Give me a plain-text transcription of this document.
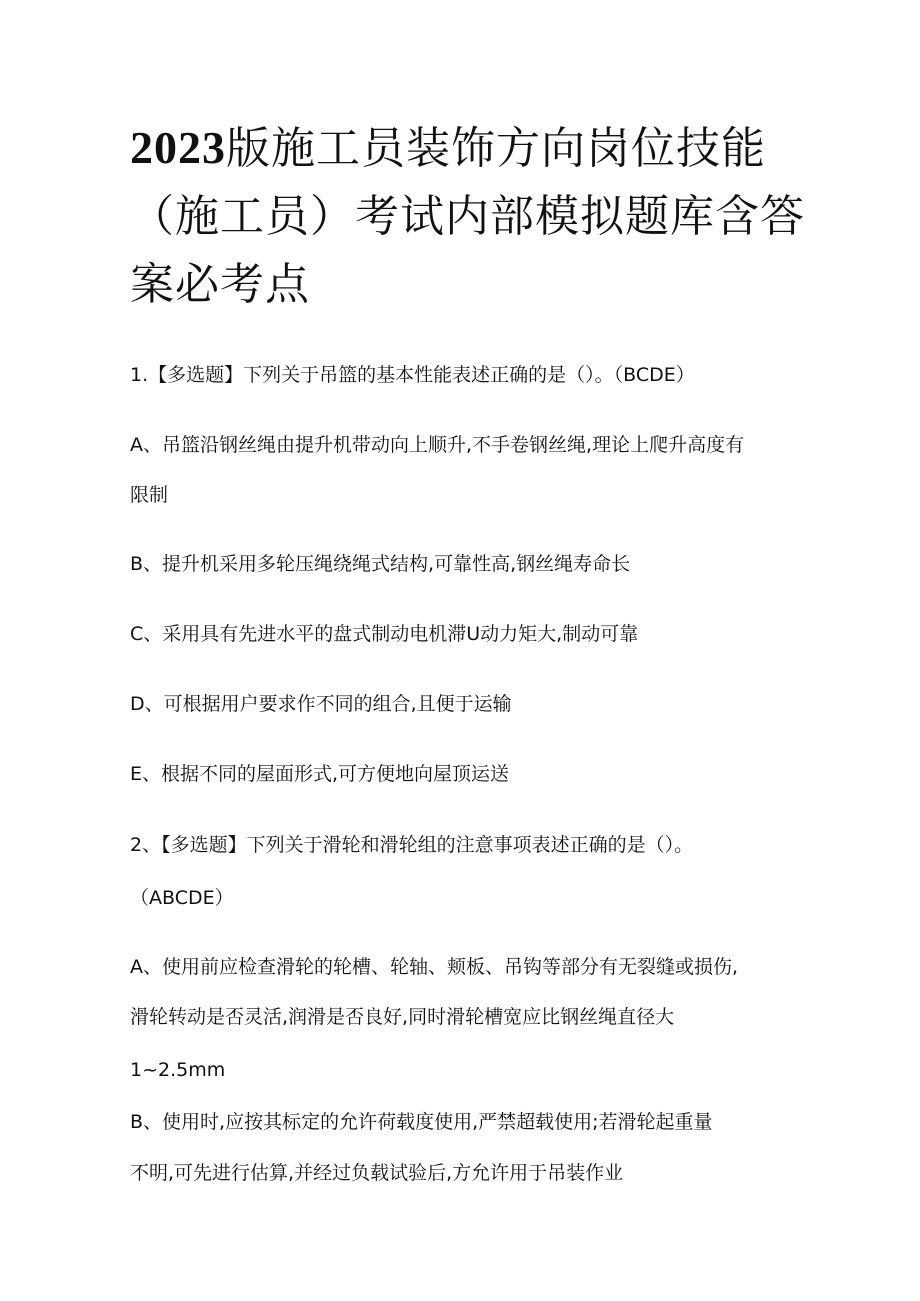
2023版施工员装饰方向岗位技能
（施工员）考试内部模拟题库含答
案必考点
1.【多选题】下列关于吊篮的基本性能表述正确的是（）。（BCDE）
A、吊篮沿钢丝绳由提升机带动向上顺升,不手卷钢丝绳,理论上爬升高度有
限制
B、提升机采用多轮压绳绕绳式结构,可靠性高,钢丝绳寿命长
C、采用具有先进水平的盘式制动电机滞U动力矩大,制动可靠
D、可根据用户要求作不同的组合,且便于运输
E、根据不同的屋面形式,可方便地向屋顶运送
2、【多选题】下列关于滑轮和滑轮组的注意事项表述正确的是（）。
（ABCDE）
A、使用前应检查滑轮的轮槽、轮轴、颊板、吊钩等部分有无裂缝或损伤,
滑轮转动是否灵活,润滑是否良好,同时滑轮槽宽应比钢丝绳直径大
1~2.5mm
B、使用时,应按其标定的允许荷载度使用,严禁超载使用;若滑轮起重量
不明,可先进行估算,并经过负载试验后,方允许用于吊装作业
